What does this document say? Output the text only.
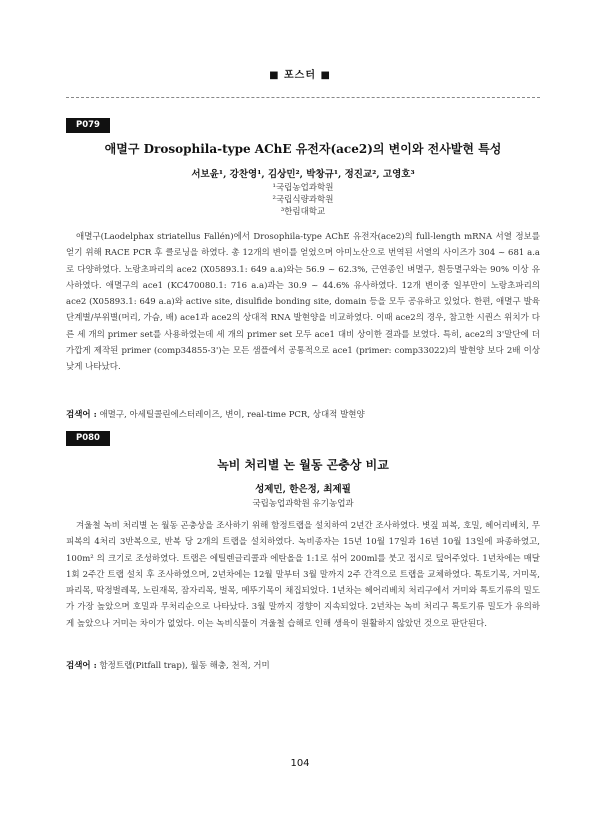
■ 포스터 ■
P079
애멸구 Drosophila-type AChE 유전자(ace2)의 변이와 전사발현 특성
서보윤¹, 강찬영¹, 김상민², 박창규¹, 정진교², 고영호³
¹국립농업과학원
²국립식량과학원
³한림대학교
애멸구(Laodelphax striatellus Fallén)에서 Drosophila-type AChE 유전자(ace2)의 full-length mRNA 서열 정보를 얻기 위해 RACE PCR 후 클로닝을 하였다. 총 12개의 변이를 얻었으며 아미노산으로 번역된 서열의 사이즈가 304 ~ 681 a.a로 다양하였다. 노랑초파리의 ace2 (X05893.1: 649 a.a)와는 56.9 ~ 62.3%, 근연종인 벼멸구, 흰등멸구와는 90% 이상 유사하였다. 애멸구의 ace1 (KC470080.1: 716 a.a)과는 30.9 ~ 44.6% 유사하였다. 12개 변이중 일부만이 노랑초파리의 ace2 (X05893.1: 649 a.a)와 active site, disulfide bonding site, domain 등을 모두 공유하고 있었다. 한편, 애멸구 발육단계별/부위별(머리, 가슴, 배) ace1과 ace2의 상대적 RNA 발현양을 비교하였다. 이때 ace2의 경우, 참고한 시퀀스 위치가 다른 세 개의 primer set를 사용하였는데 세 개의 primer set 모두 ace1 대비 상이한 결과를 보였다. 특히, ace2의 3'말단에 더 가깝게 제작된 primer (comp34855-3')는 모든 샘플에서 공통적으로 ace1 (primer: comp33022)의 발현양 보다 2배 이상 낮게 나타났다.
검색어 : 애멸구, 아세틸콜린에스터레이즈, 변이, real-time PCR, 상대적 발현양
P080
녹비 처리별 논 월동 곤충상 비교
성제민, 한은정, 최제필
국립농업과학원 유기농업과
겨울철 녹비 처리별 논 월동 곤충상을 조사하기 위해 함정트랩을 설치하여 2년간 조사하였다. 볏짚 피복, 호밀, 헤어리베치, 무피복의 4처리 3반복으로, 반복 당 2개의 트랩을 설치하였다. 녹비종자는 15년 10월 17일과 16년 10월 13일에 파종하였고, 100m² 의 크기로 조성하였다. 트랩은 에틸렌글리콜과 에탄올을 1:1로 섞어 200ml를 붓고 접시로 덮어주었다. 1년차에는 매달 1회 2주간 트랩 설치 후 조사하였으며, 2년차에는 12월 말부터 3월 말까지 2주 간격으로 트랩을 교체하였다. 톡토기목, 거미목, 파리목, 딱정벌레목, 노린재목, 잠자리목, 벌목, 메뚜기목이 채집되었다. 1년차는 헤어리베치 처리구에서 거미와 톡토기류의 밀도가 가장 높았으며 호밀과 무처리순으로 나타났다. 3월 말까지 경향이 지속되었다. 2년차는 녹비 처리구 톡토기류 밀도가 유의하게 높았으나 거미는 차이가 없었다. 이는 녹비식물이 겨울철 습해로 인해 생육이 원활하지 않았던 것으로 판단된다.
검색어 : 함정트랩(Pitfall trap), 월동 해충, 천적, 거미
104
